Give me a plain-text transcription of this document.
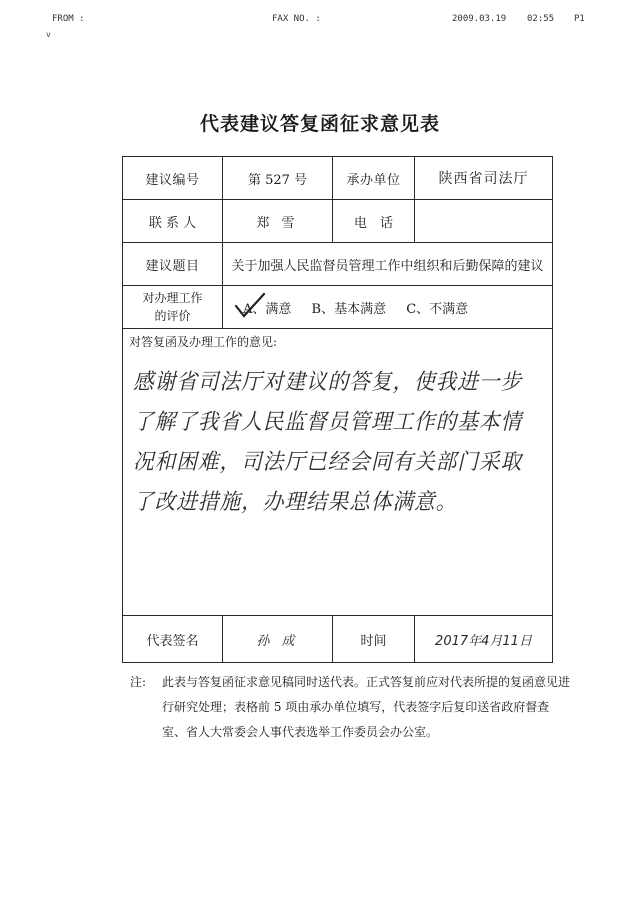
FROM :	FAX NO. :	2009.03.19 02:55 P1
v
代表建议答复函征求意见表
建议编号	第 527 号	承办单位	陕西省司法厅
联 系 人	郑 雪	电　话	
建议题目	关于加强人民监督员管理工作中组织和后勤保障的建议		

对办理工作
的评价	A、满意 B、基本满意 C、不满意		

对答复函及办理工作的意见:
感谢省司法厅对建议的答复，使我进一步了解了我省人民监督员管理工作的基本情况和困难，司法厅已经会同有关部门采取了改进措施，办理结果总体满意。			

代表签名	孙 成	时间	2017年4月11日
注:	此表与答复函征求意见稿同时送代表。正式答复前应对代表所提的复函意见进行研究处理；表格前 5 项由承办单位填写，代表签字后复印送省政府督查室、省人大常委会人事代表选举工作委员会办公室。
